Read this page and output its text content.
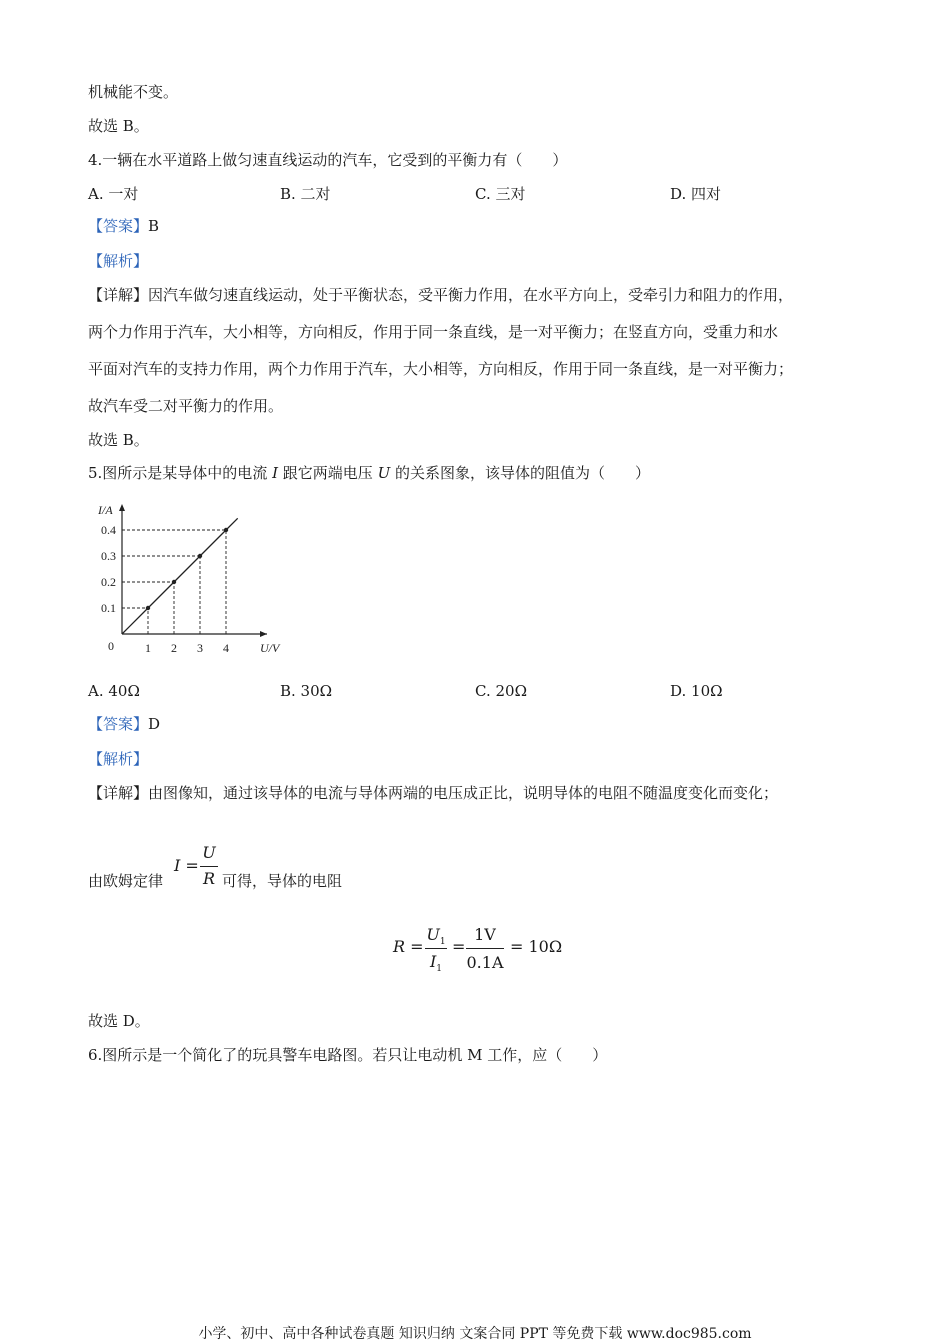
机械能不变。
故选 B。
4.一辆在水平道路上做匀速直线运动的汽车，它受到的平衡力有（　　）
A. 一对	B. 二对	C. 三对	D. 四对
【答案】B
【解析】
【详解】因汽车做匀速直线运动，处于平衡状态，受平衡力作用，在水平方向上，受牵引力和阻力的作用，
两个力作用于汽车，大小相等，方向相反，作用于同一条直线，是一对平衡力；在竖直方向，受重力和水
平面对汽车的支持力作用，两个力作用于汽车，大小相等，方向相反，作用于同一条直线，是一对平衡力；
故汽车受二对平衡力的作用。
故选 B。
5.图所示是某导体中的电流 I 跟它两端电压 U 的关系图象，该导体的阻值为（　　）
1 2 3 4
0.1
0.2
0.3
0.4
0	U/V
I/A
A. 40Ω	B. 30Ω	C. 20Ω	D. 10Ω
【答案】D
【解析】
【详解】由图像知，通过该导体的电流与导体两端的电压成正比，说明导体的电阻不随温度变化而变化；
由欧姆定律
I =
U
R 可得，导体的电阻
R =
$U_1$
$I_1$
=
1V
0.1A
= 10Ω
故选 D。
6.图所示是一个简化了的玩具警车电路图。若只让电动机 M 工作，应（　　）
小学、初中、高中各种试卷真题 知识归纳 文案合同 PPT 等免费下载 www.doc985.com
